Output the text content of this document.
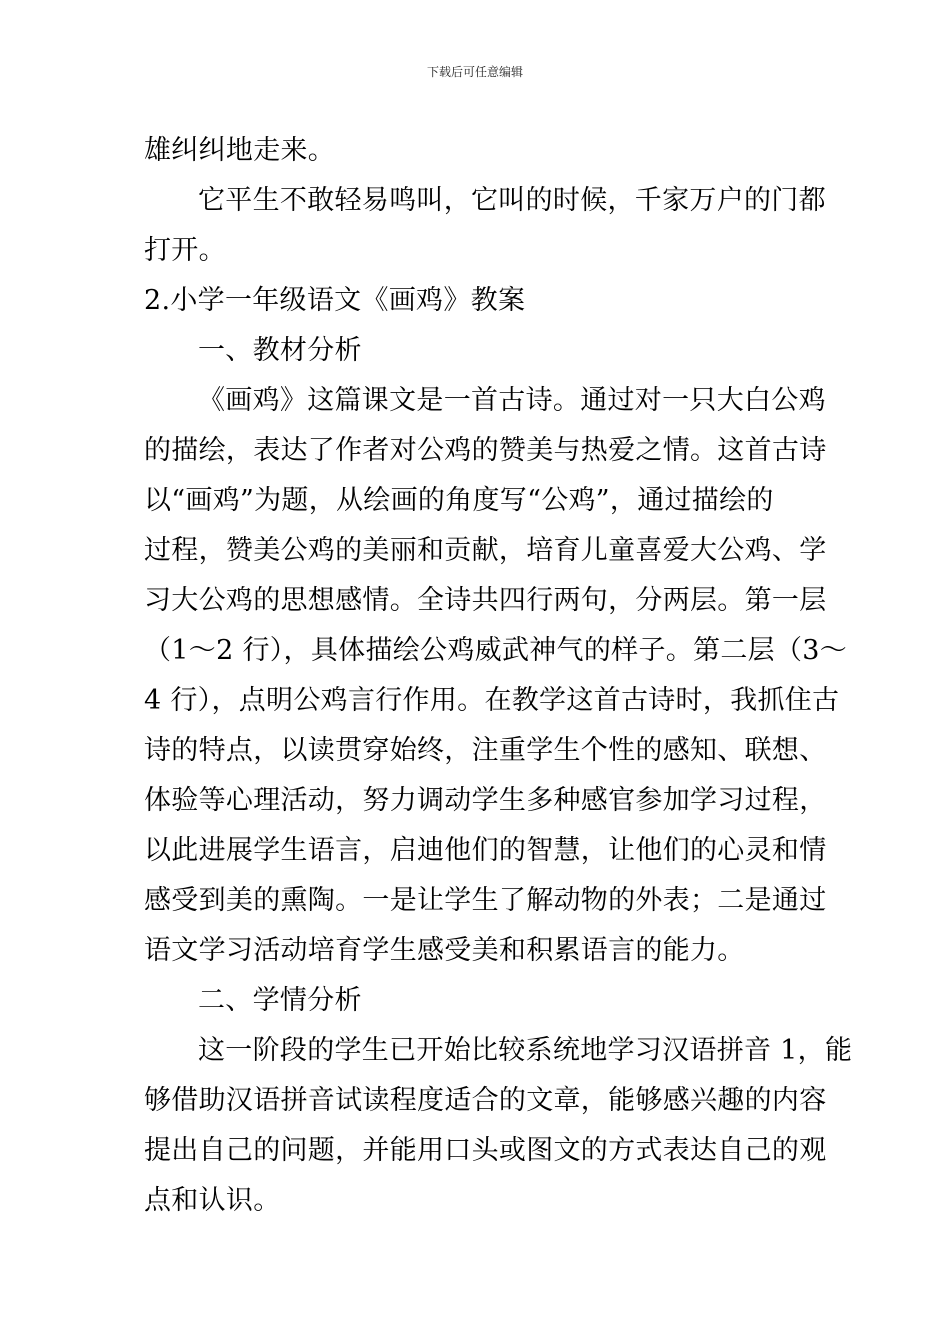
下载后可任意编辑
雄纠纠地走来。
它平生不敢轻易鸣叫，它叫的时候，千家万户的门都
打开。
2.小学一年级语文《画鸡》教案
一、教材分析
《画鸡》这篇课文是一首古诗。通过对一只大白公鸡
的描绘，表达了作者对公鸡的赞美与热爱之情。这首古诗
以“画鸡”为题，从绘画的角度写“公鸡”，通过描绘的
过程，赞美公鸡的美丽和贡献，培育儿童喜爱大公鸡、学
习大公鸡的思想感情。全诗共四行两句，分两层。第一层
（1～2 行），具体描绘公鸡威武神气的样子。第二层（3～
4 行），点明公鸡言行作用。在教学这首古诗时，我抓住古
诗的特点，以读贯穿始终，注重学生个性的感知、联想、
体验等心理活动，努力调动学生多种感官参加学习过程，
以此进展学生语言，启迪他们的智慧，让他们的心灵和情
感受到美的熏陶。一是让学生了解动物的外表；二是通过
语文学习活动培育学生感受美和积累语言的能力。
二、学情分析
这一阶段的学生已开始比较系统地学习汉语拼音 1，能
够借助汉语拼音试读程度适合的文章，能够感兴趣的内容
提出自己的问题，并能用口头或图文的方式表达自己的观
点和认识。
